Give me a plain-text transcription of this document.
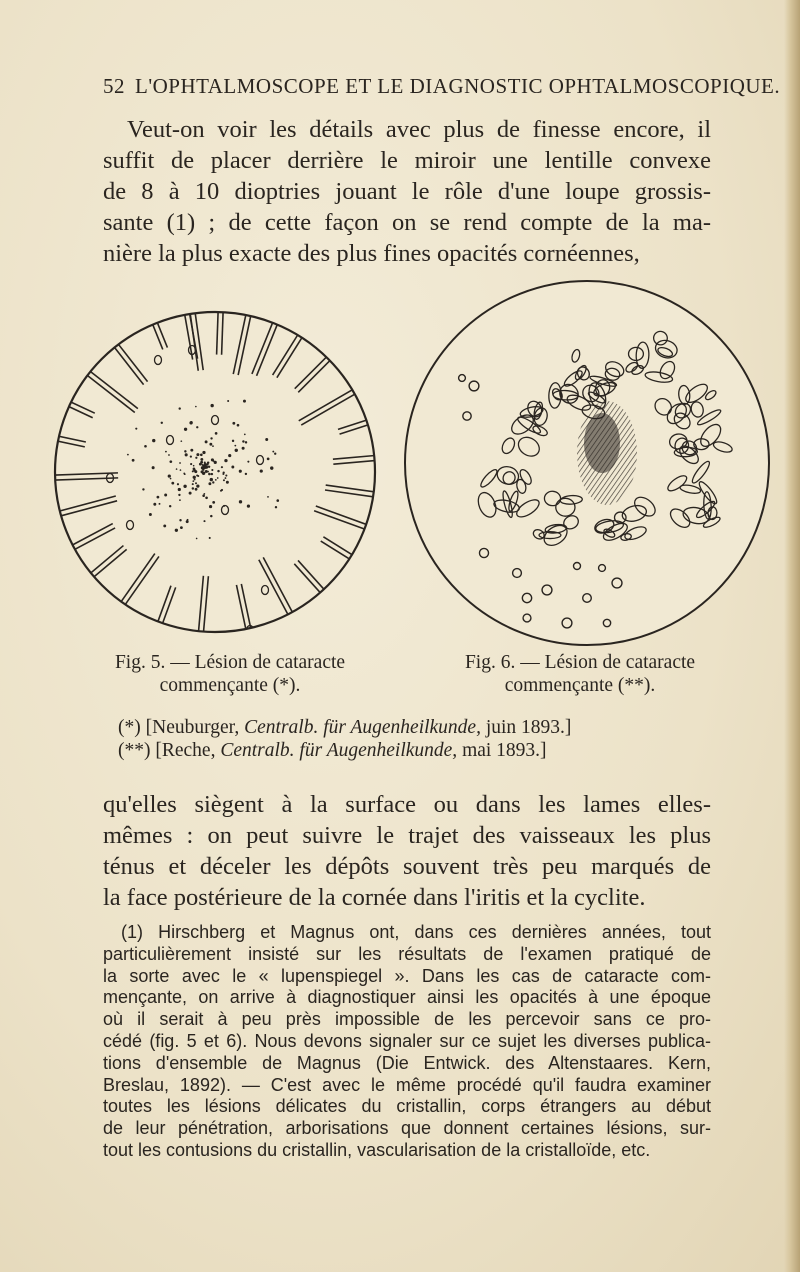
52 L'OPHTALMOSCOPE ET LE DIAGNOSTIC OPHTALMOSCOPIQUE.
Veut-on voir les détails avec plus de finesse encore, il
suffit de placer derrière le miroir une lentille convexe
de 8 à 10 dioptries jouant le rôle d'une loupe grossis-
sante (1) ; de cette façon on se rend compte de la ma-
nière la plus exacte des plus fines opacités cornéennes,
Fig. 5. — Lésion de cataracte
commençante (*).
Fig. 6. — Lésion de cataracte
commençante (**).
(*) [Neuburger, Centralb. für Augenheilkunde, juin 1893.]
(**) [Reche, Centralb. für Augenheilkunde, mai 1893.]
qu'elles siègent à la surface ou dans les lames elles-
mêmes : on peut suivre le trajet des vaisseaux les plus
ténus et déceler les dépôts souvent très peu marqués de
la face postérieure de la cornée dans l'iritis et la cyclite.
(1) Hirschberg et Magnus ont, dans ces dernières années, tout
particulièrement insisté sur les résultats de l'examen pratiqué de
la sorte avec le « lupenspiegel ». Dans les cas de cataracte com-
mençante, on arrive à diagnostiquer ainsi les opacités à une époque
où il serait à peu près impossible de les percevoir sans ce pro-
cédé (fig. 5 et 6). Nous devons signaler sur ce sujet les diverses publica-
tions d'ensemble de Magnus (Die Entwick. des Altenstaares. Kern,
Breslau, 1892). — C'est avec le même procédé qu'il faudra examiner
toutes les lésions délicates du cristallin, corps étrangers au début
de leur pénétration, arborisations que donnent certaines lésions, sur-
tout les contusions du cristallin, vascularisation de la cristalloïde, etc.
